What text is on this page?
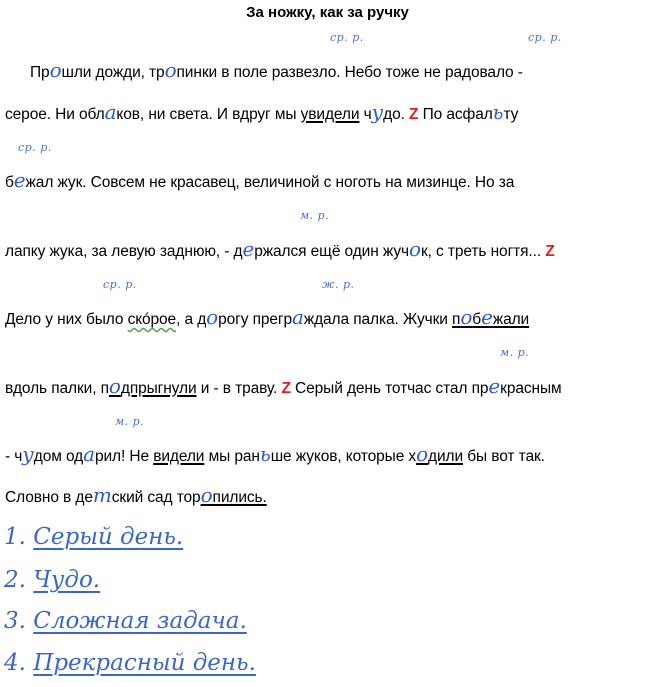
За ножку, как за ручку
ср. р.	ср. р.
ср. р.
м. р.
ср. р.	ж. р.
м. р.
м. р.
Прошли дожди, тропинки в поле развезло. Небо тоже не радовало -
серое. Ни облаков, ни света. И вдруг мы увидели чудо. Z По асфальту
бежал жук. Совсем не красавец, величиной с ноготь на мизинце. Но за
лапку жука, за левую заднюю, - держался ещё один жучок, с треть ногтя... Z
Дело у них было скóрое, а дорогу преграждала палка. Жучки побежали
вдоль палки, подпрыгнули и - в траву. Z Серый день тотчас стал прекрасным
- чудом одарил! Не видели мы раньше жуков, которые ходили бы вот так.
Словно в детский сад торопились.
1. Серый день.
2. Чудо.
3. Сложная задача.
4. Прекрасный день.
